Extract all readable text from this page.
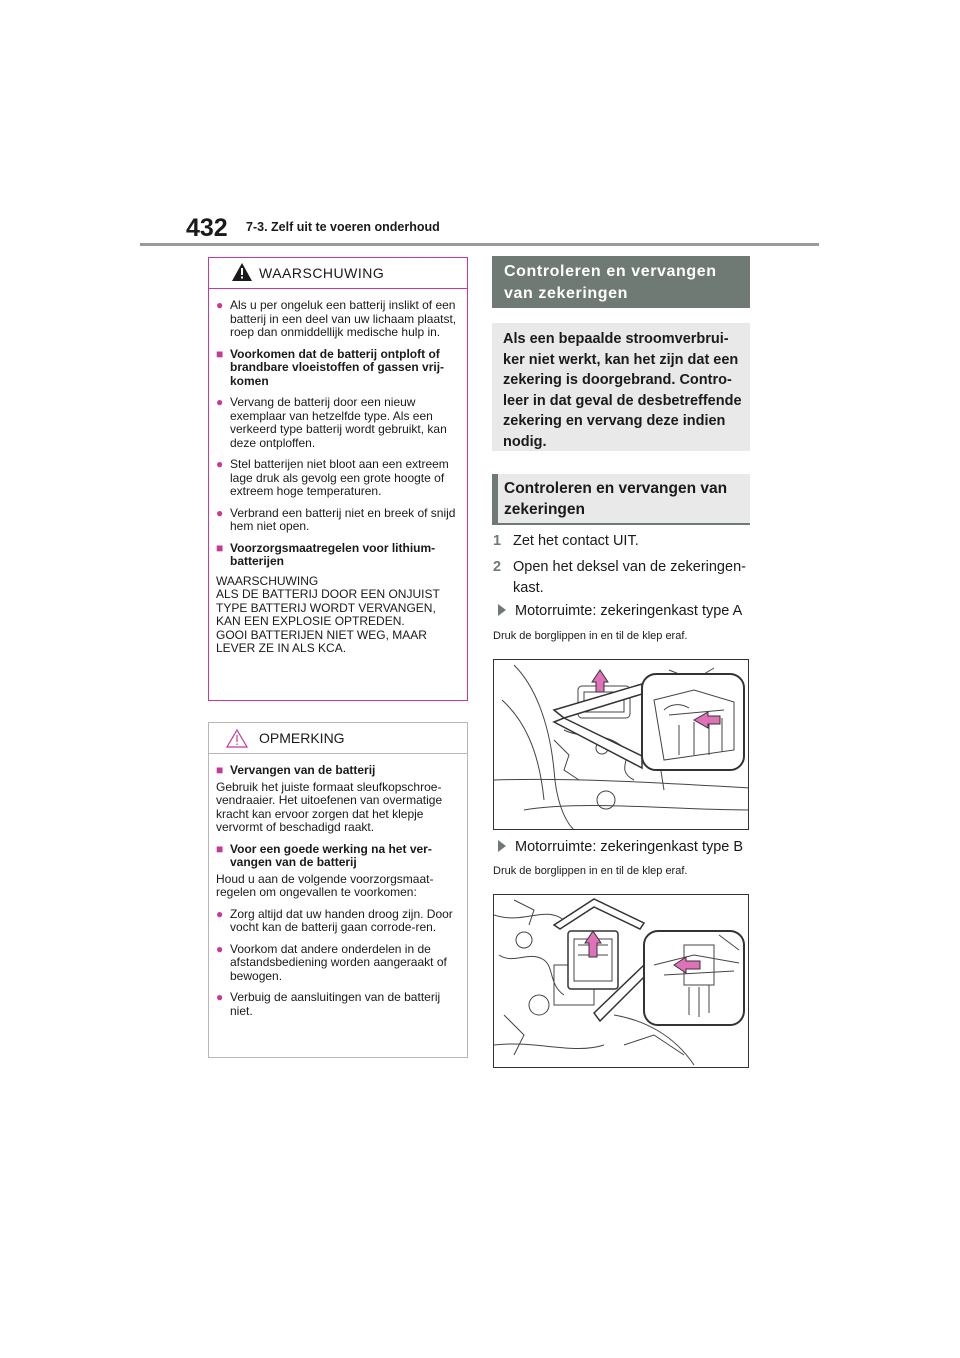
432 7-3. Zelf uit te voeren onderhoud
WAARSCHUWING
● Als u per ongeluk een batterij inslikt of een batterij in een deel van uw lichaam plaatst, roep dan onmiddellijk medische hulp in.
■ Voorkomen dat de batterij ontploft of brandbare vloeistoffen of gassen vrij-komen
● Vervang de batterij door een nieuw exemplaar van hetzelfde type. Als een verkeerd type batterij wordt gebruikt, kan deze ontploffen.
● Stel batterijen niet bloot aan een extreem lage druk als gevolg een grote hoogte of extreem hoge temperaturen.
● Verbrand een batterij niet en breek of snijd hem niet open.
■ Voorzorgsmaatregelen voor lithium-batterijen
WAARSCHUWING
ALS DE BATTERIJ DOOR EEN ONJUIST
TYPE BATTERIJ WORDT VERVANGEN,
KAN EEN EXPLOSIE OPTREDEN.
GOOI BATTERIJEN NIET WEG, MAAR
LEVER ZE IN ALS KCA.
OPMERKING
■ Vervangen van de batterij
Gebruik het juiste formaat sleufkopschroe-vendraaier. Het uitoefenen van overmatige kracht kan ervoor zorgen dat het klepje vervormt of beschadigd raakt.
■ Voor een goede werking na het ver-vangen van de batterij
Houd u aan de volgende voorzorgsmaat-regelen om ongevallen te voorkomen:
● Zorg altijd dat uw handen droog zijn. Door vocht kan de batterij gaan corrode-ren.
● Voorkom dat andere onderdelen in de afstandsbediening worden aangeraakt of bewogen.
● Verbuig de aansluitingen van de batterij niet.
Controleren en vervangen van zekeringen
Als een bepaalde stroomverbrui-ker niet werkt, kan het zijn dat een zekering is doorgebrand. Contro-leer in dat geval de desbetreffende zekering en vervang deze indien nodig.
Controleren en vervangen van zekeringen
1 Zet het contact UIT.
2 Open het deksel van de zekeringen-kast.
Motorruimte: zekeringenkast type A
Druk de borglippen in en til de klep eraf.
Motorruimte: zekeringenkast type B
Druk de borglippen in en til de klep eraf.
